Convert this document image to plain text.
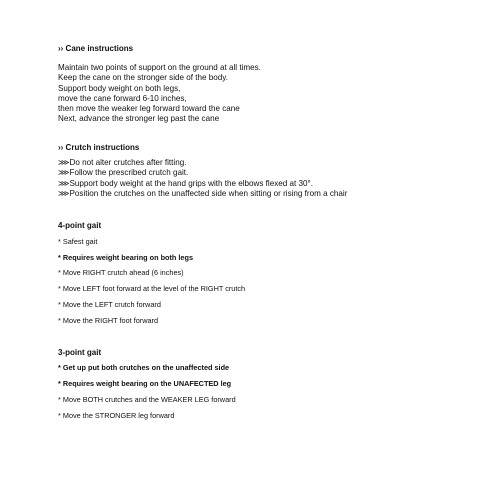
›› Cane instructions
Maintain two points of support on the ground at all times.
Keep the cane on the stronger side of the body.
Support body weight on both legs,
move the cane forward 6-10 inches,
then move the weaker leg forward toward the cane
Next, advance the stronger leg past the cane
›› Crutch instructions
⋙Do not alter crutches after fitting.
⋙Follow the prescribed crutch gait.
⋙Support body weight at the hand grips with the elbows flexed at 30°.
⋙Position the crutches on the unaffected side when sitting or rising from a chair
4-point gait
* Safest gait
* Requires weight bearing on both legs
* Move RIGHT crutch ahead (6 inches)
* Move LEFT foot forward at the level of the RIGHT crutch
* Move the LEFT crutch forward
* Move the RIGHT foot forward
3-point gait
* Get up put both crutches on the unaffected side
* Requires weight bearing on the UNAFECTED leg
* Move BOTH crutches and the WEAKER LEG forward
* Move the STRONGER leg forward
